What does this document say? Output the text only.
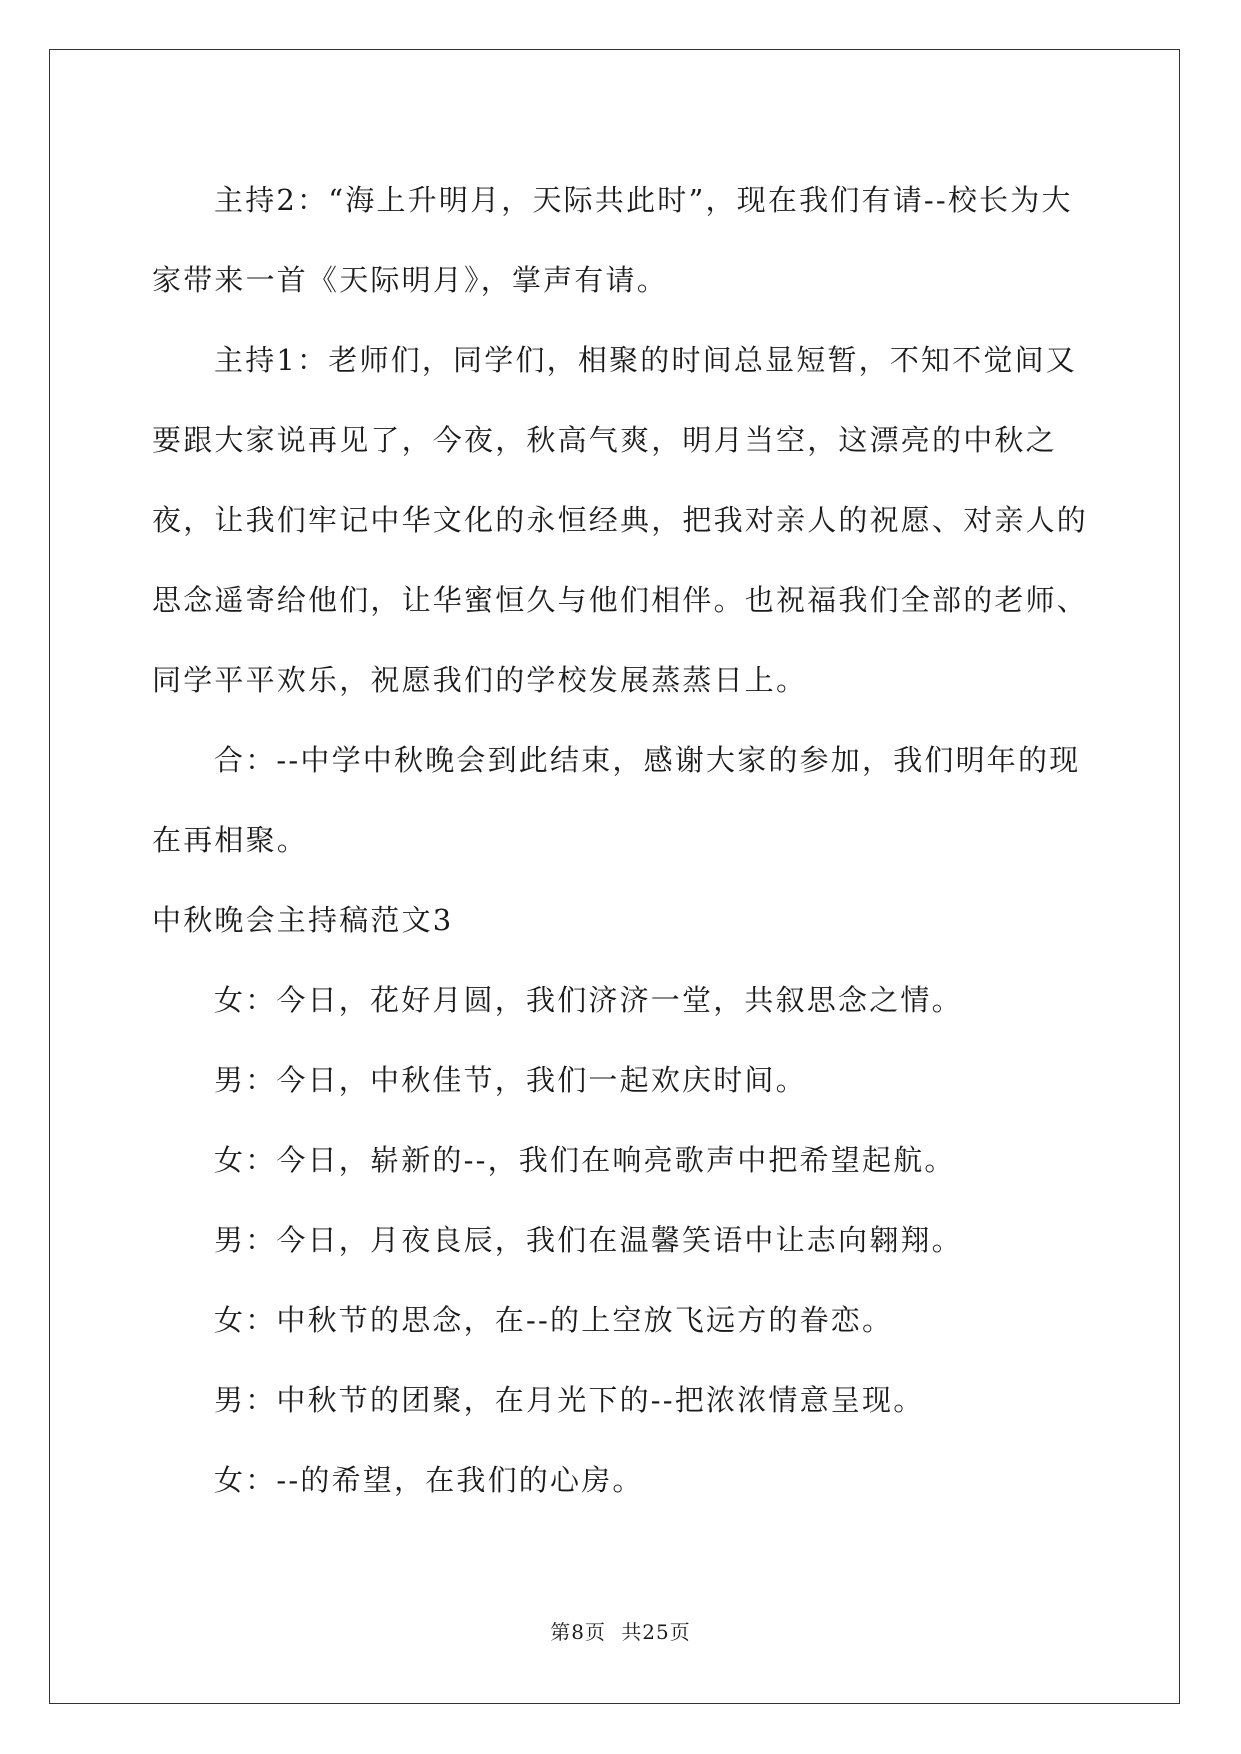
主持2：“海上升明月，天际共此时”，现在我们有请--校长为大家带来一首《天际明月》，掌声有请。

主持1：老师们，同学们，相聚的时间总显短暂，不知不觉间又要跟大家说再见了，今夜，秋高气爽，明月当空，这漂亮的中秋之夜，让我们牢记中华文化的永恒经典，把我对亲人的祝愿、对亲人的思念遥寄给他们，让华蜜恒久与他们相伴。也祝福我们全部的老师、同学平平欢乐，祝愿我们的学校发展蒸蒸日上。

合：--中学中秋晚会到此结束，感谢大家的参加，我们明年的现在再相聚。

中秋晚会主持稿范文3

女：今日，花好月圆，我们济济一堂，共叙思念之情。

男：今日，中秋佳节，我们一起欢庆时间。

女：今日，崭新的--，我们在响亮歌声中把希望起航。

男：今日，月夜良辰，我们在温馨笑语中让志向翱翔。

女：中秋节的思念，在--的上空放飞远方的眷恋。

男：中秋节的团聚，在月光下的--把浓浓情意呈现。

女：--的希望，在我们的心房。

第8页 共25页
